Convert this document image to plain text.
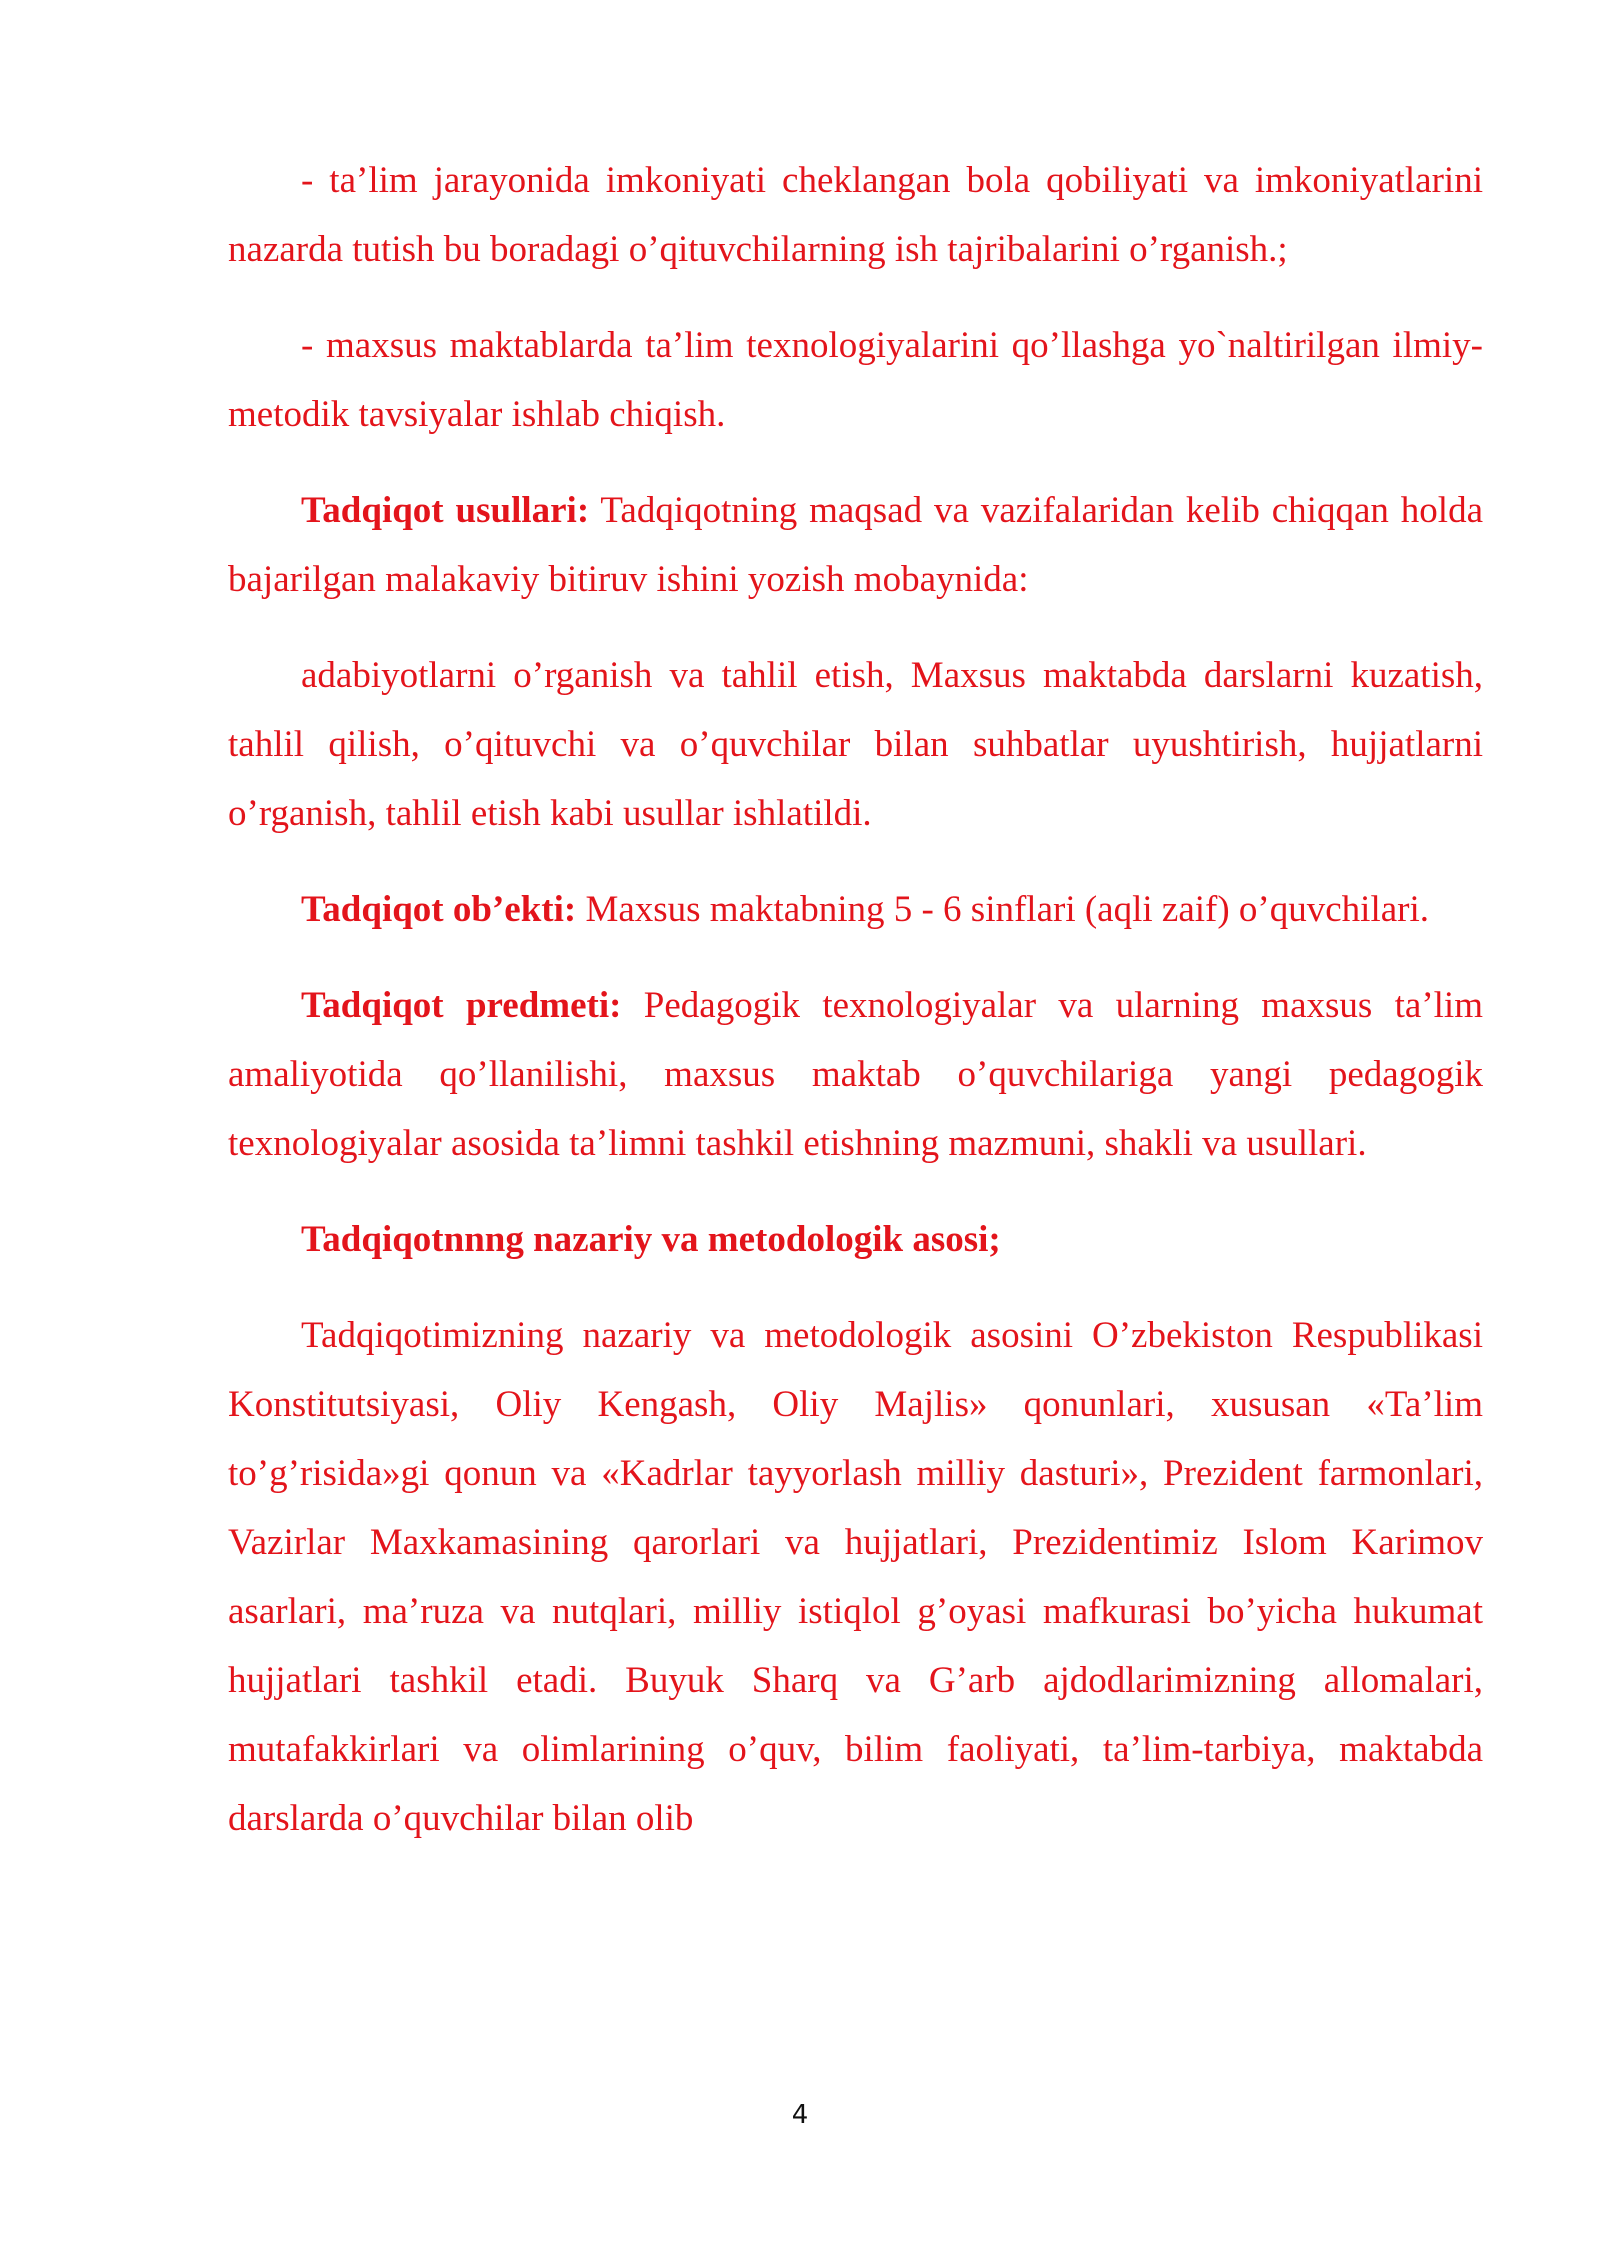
- ta’lim jarayonida imkoniyati cheklangan bola qobiliyati va imkoniyatlarini nazarda tutish bu boradagi o’qituvchilarning ish tajribalarini o’rganish.;

- maxsus maktablarda ta’lim texnologiyalarini qo’llashga yo`naltirilgan ilmiy-metodik tavsiyalar ishlab chiqish.

Tadqiqot usullari: Tadqiqotning maqsad va vazifalaridan kelib chiqqan holda bajarilgan malakaviy bitiruv ishini yozish mobaynida:

adabiyotlarni o’rganish va tahlil etish, Maxsus maktabda darslarni kuzatish, tahlil qilish, o’qituvchi va o’quvchilar bilan suhbatlar uyushtirish, hujjatlarni o’rganish, tahlil etish kabi usullar ishlatildi.

Tadqiqot ob’ekti: Maxsus maktabning 5 - 6 sinflari (aqli zaif) o’quvchilari.

Tadqiqot predmeti: Pedagogik texnologiyalar va ularning maxsus ta’lim amaliyotida qo’llanilishi, maxsus maktab o’quvchilariga yangi pedagogik texnologiyalar asosida ta’limni tashkil etishning mazmuni, shakli va usullari.

Tadqiqotnnng nazariy va metodologik asosi;

Tadqiqotimizning nazariy va metodologik asosini O’zbekiston Respublikasi Konstitutsiyasi, Oliy Kengash, Oliy Majlis» qonunlari, xususan «Ta’lim to’g’risida»gi qonun va «Kadrlar tayyorlash milliy dasturi», Prezident farmonlari, Vazirlar Maxkamasining qarorlari va hujjatlari, Prezidentimiz Islom Karimov asarlari, ma’ruza va nutqlari, milliy istiqlol g’oyasi mafkurasi bo’yicha hukumat hujjatlari tashkil etadi. Buyuk Sharq va G’arb ajdodlarimizning allomalari, mutafakkirlari va olimlarining o’quv, bilim faoliyati, ta’lim-tarbiya, maktabda darslarda o’quvchilar bilan olib

4
